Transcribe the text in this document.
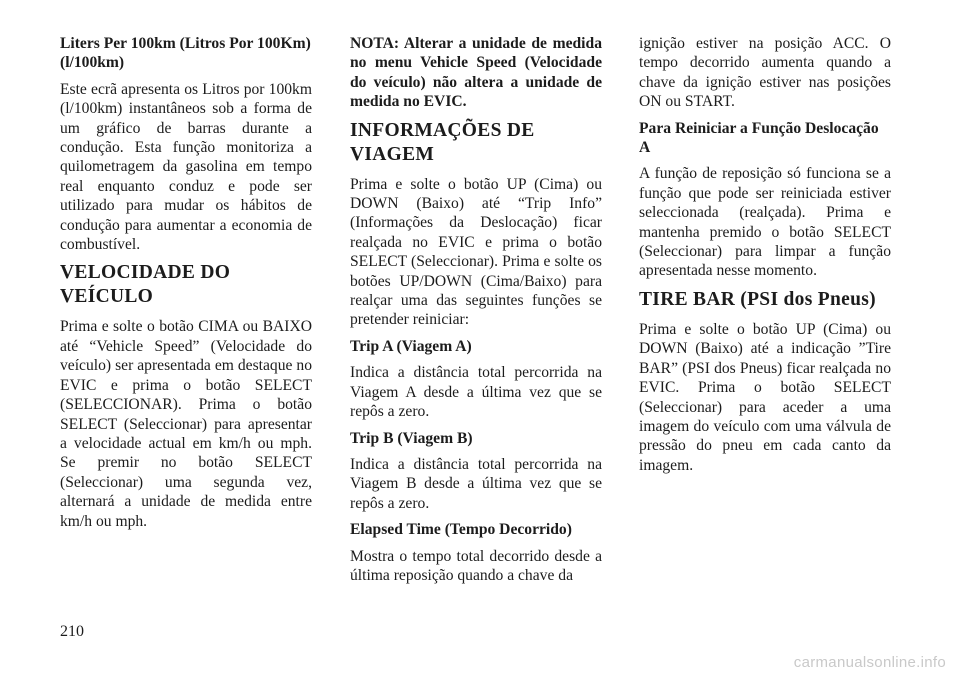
Liters Per 100km (Litros Por 100Km) (l/100km)

Este ecrã apresenta os Litros por 100km (l/100km) instantâneos sob a forma de um gráfico de barras durante a condução. Esta função monitoriza a quilometragem da gasolina em tempo real enquanto conduz e pode ser utilizado para mudar os hábitos de condução para aumentar a economia de combustível.

VELOCIDADE DO VEÍCULO

Prima e solte o botão CIMA ou BAIXO até “Vehicle Speed” (Velocidade do veículo) ser apresentada em destaque no EVIC e prima o botão SELECT (SELECCIONAR). Prima o botão SELECT (Seleccionar) para apresentar a velocidade actual em km/h ou mph. Se premir no botão SELECT (Seleccionar) uma segunda vez, alternará a unidade de medida entre km/h ou mph.

NOTA: Alterar a unidade de medida no menu Vehicle Speed (Velocidade do veículo) não altera a unidade de medida no EVIC.

INFORMAÇÕES DE VIAGEM

Prima e solte o botão UP (Cima) ou DOWN (Baixo) até “Trip Info” (Informações da Deslocação) ficar realçada no EVIC e prima o botão SELECT (Seleccionar). Prima e solte os botões UP/DOWN (Cima/Baixo) para realçar uma das seguintes funções se pretender reiniciar:

Trip A (Viagem A)

Indica a distância total percorrida na Viagem A desde a última vez que se repôs a zero.

Trip B (Viagem B)

Indica a distância total percorrida na Viagem B desde a última vez que se repôs a zero.

Elapsed Time (Tempo Decorrido)

Mostra o tempo total decorrido desde a última reposição quando a chave da

ignição estiver na posição ACC. O tempo decorrido aumenta quando a chave da ignição estiver nas posições ON ou START.

Para Reiniciar a Função Deslocação A

A função de reposição só funciona se a função que pode ser reiniciada estiver seleccionada (realçada). Prima e mantenha premido o botão SELECT (Seleccionar) para limpar a função apresentada nesse momento.

TIRE BAR (PSI dos Pneus)

Prima e solte o botão UP (Cima) ou DOWN (Baixo) até a indicação ”Tire BAR” (PSI dos Pneus) ficar realçada no EVIC. Prima o botão SELECT (Seleccionar) para aceder a uma imagem do veículo com uma válvula de pressão do pneu em cada canto da imagem.

210
carmanualsonline.info
